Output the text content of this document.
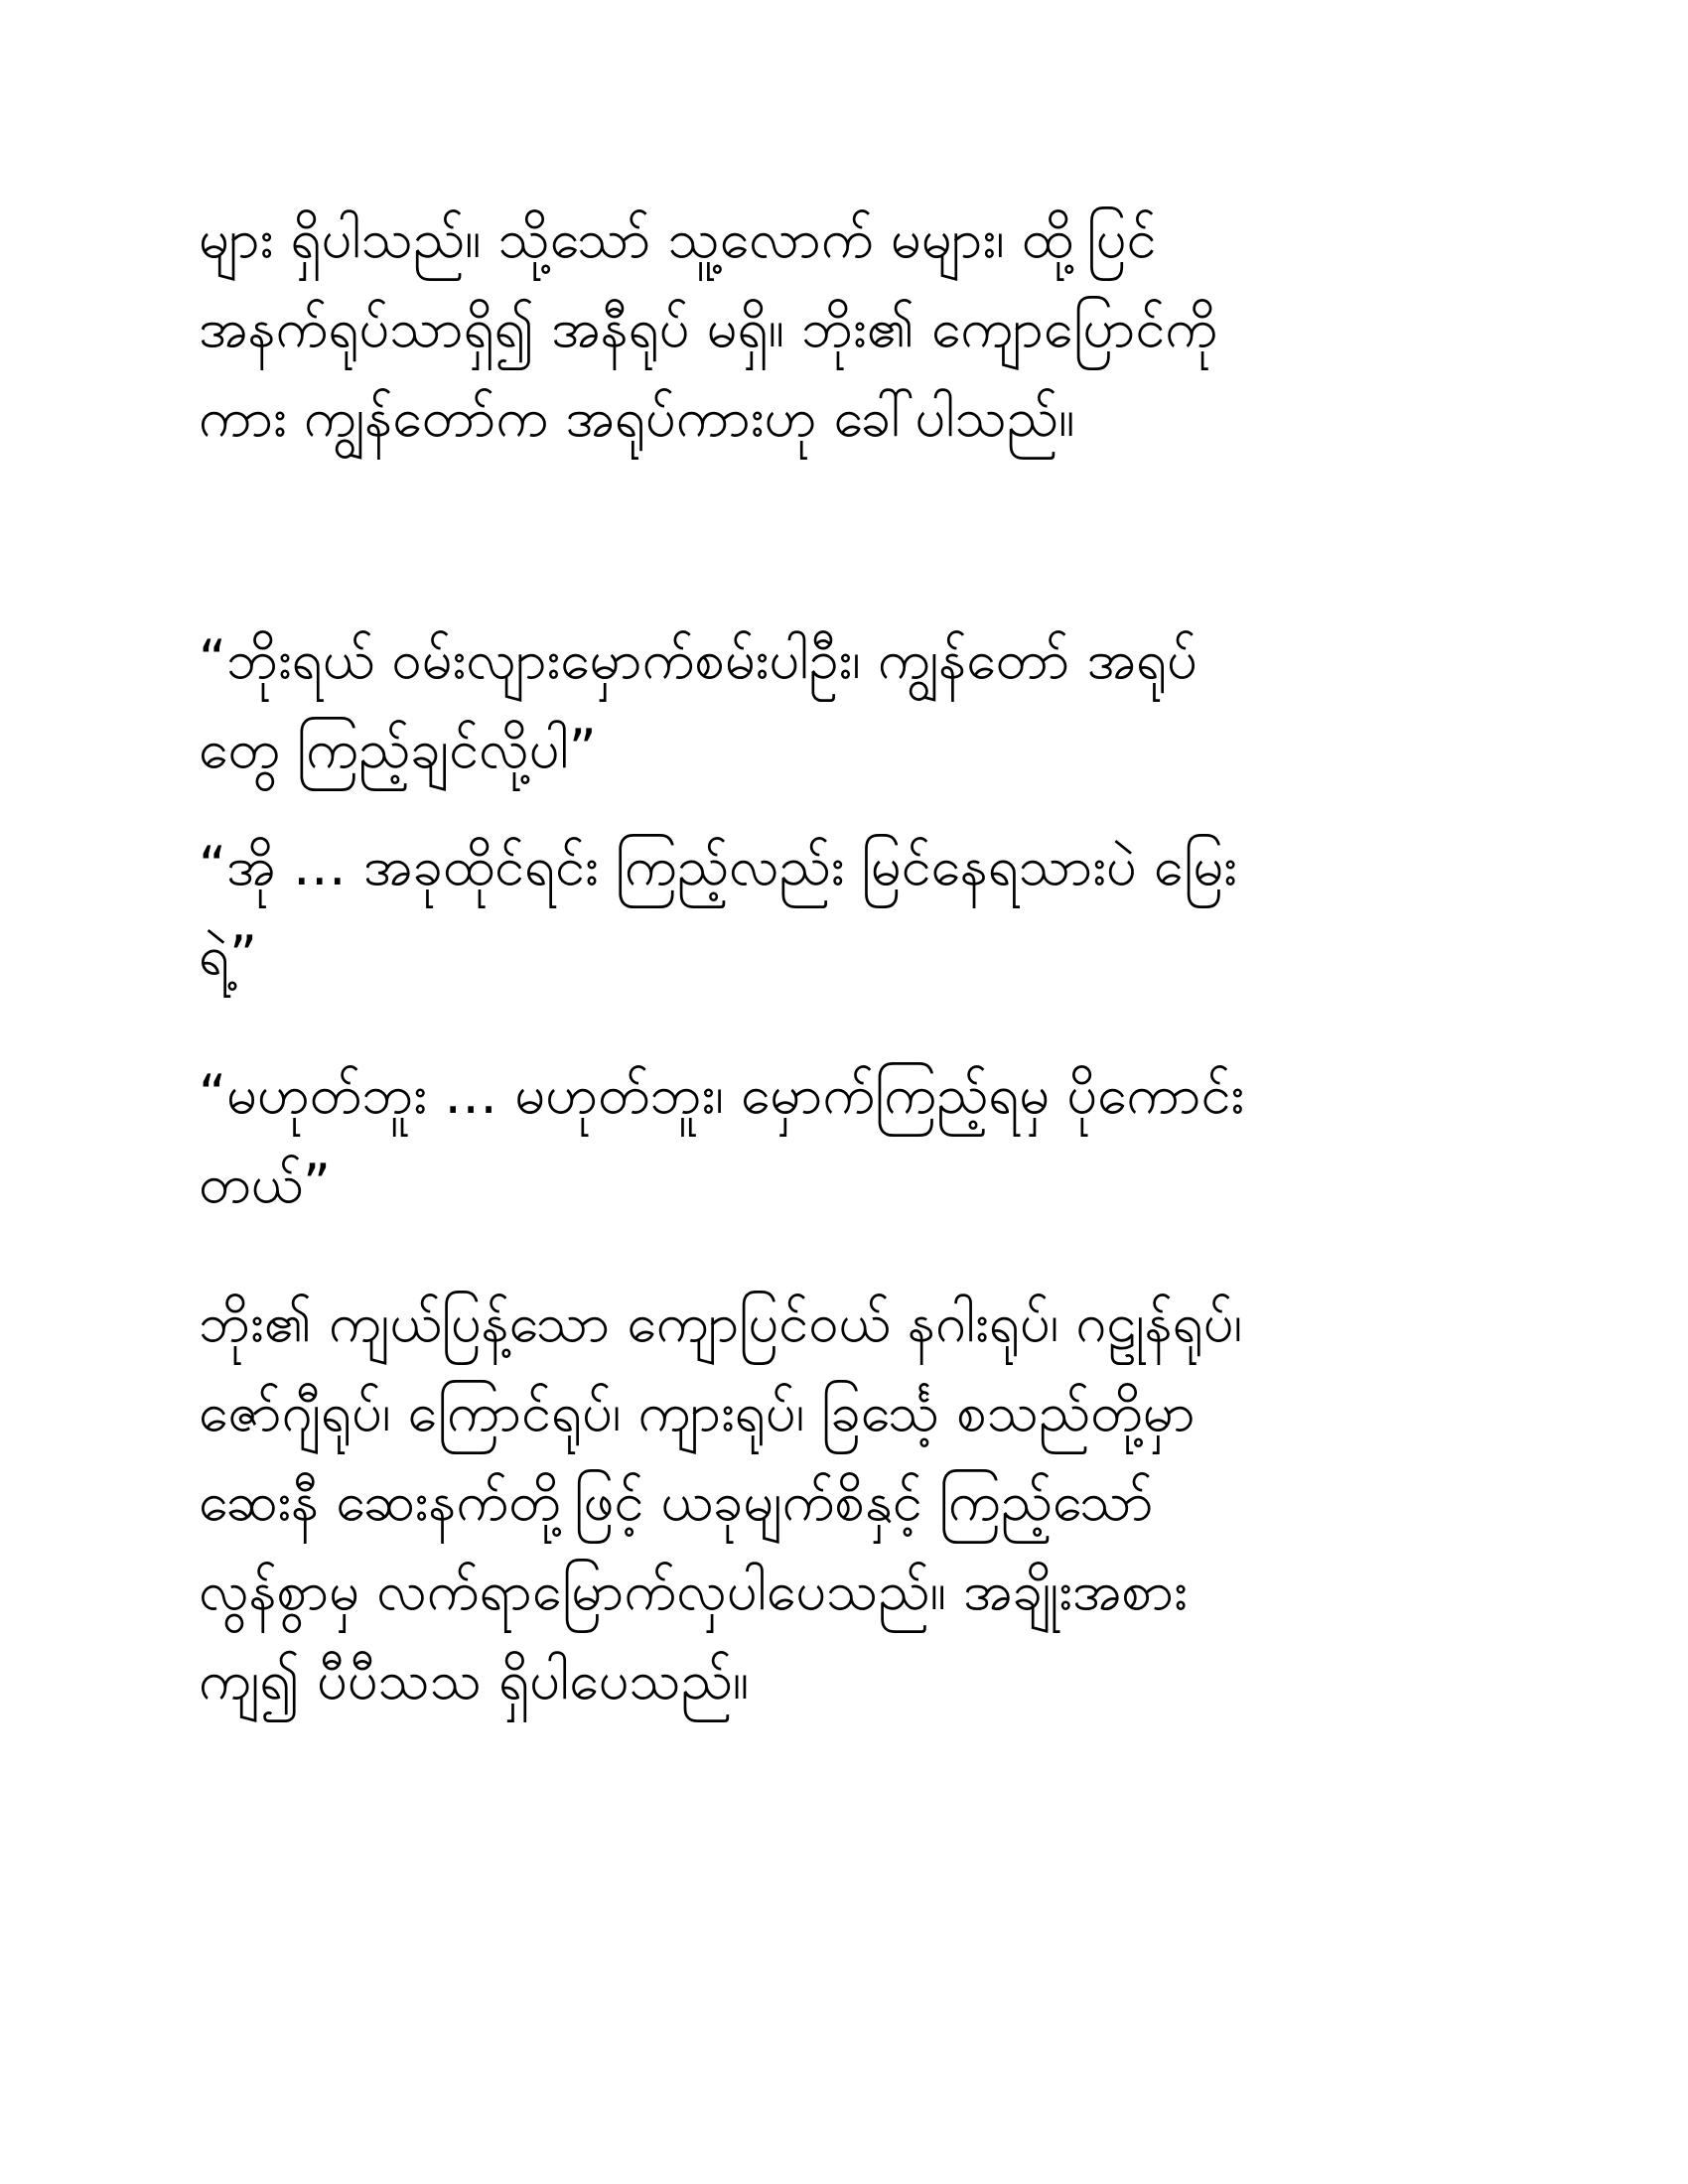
များ ရှိပါသည်။ သို့သော် သူ့လောက် မများ၊ ထို့ပြင်
အနက်ရုပ်သာရှိ၍ အနီရုပ် မရှိ။ ဘိုး၏ ကျောပြောင်ကို
ကား ကျွန်တော်က အရုပ်ကားဟု ခေါ်ပါသည်။
“ဘိုးရယ် ဝမ်းလျားမှောက်စမ်းပါဦး၊ ကျွန်တော် အရုပ်
တွေ ကြည့်ချင်လို့ပါ”
“အို … အခုထိုင်ရင်း ကြည့်လည်း မြင်နေရသားပဲ မြေး
ရဲ့”
“မဟုတ်ဘူး … မဟုတ်ဘူး၊ မှောက်ကြည့်ရမှ ပိုကောင်း
တယ်”
ဘိုး၏ ကျယ်ပြန့်သော ကျောပြင်ဝယ် နဂါးရုပ်၊ ဂဠုန်ရုပ်၊
ဇော်ဂျီရုပ်၊ ကြောင်ရုပ်၊ ကျားရုပ်၊ ခြင်္သေ့ စသည်တို့မှာ
ဆေးနီ ဆေးနက်တို့ဖြင့် ယခုမျက်စိနှင့် ကြည့်သော်
လွန်စွာမှ လက်ရာမြောက်လှပါပေသည်။ အချိုးအစား
ကျ၍ ပီပီသသ ရှိပါပေသည်။
